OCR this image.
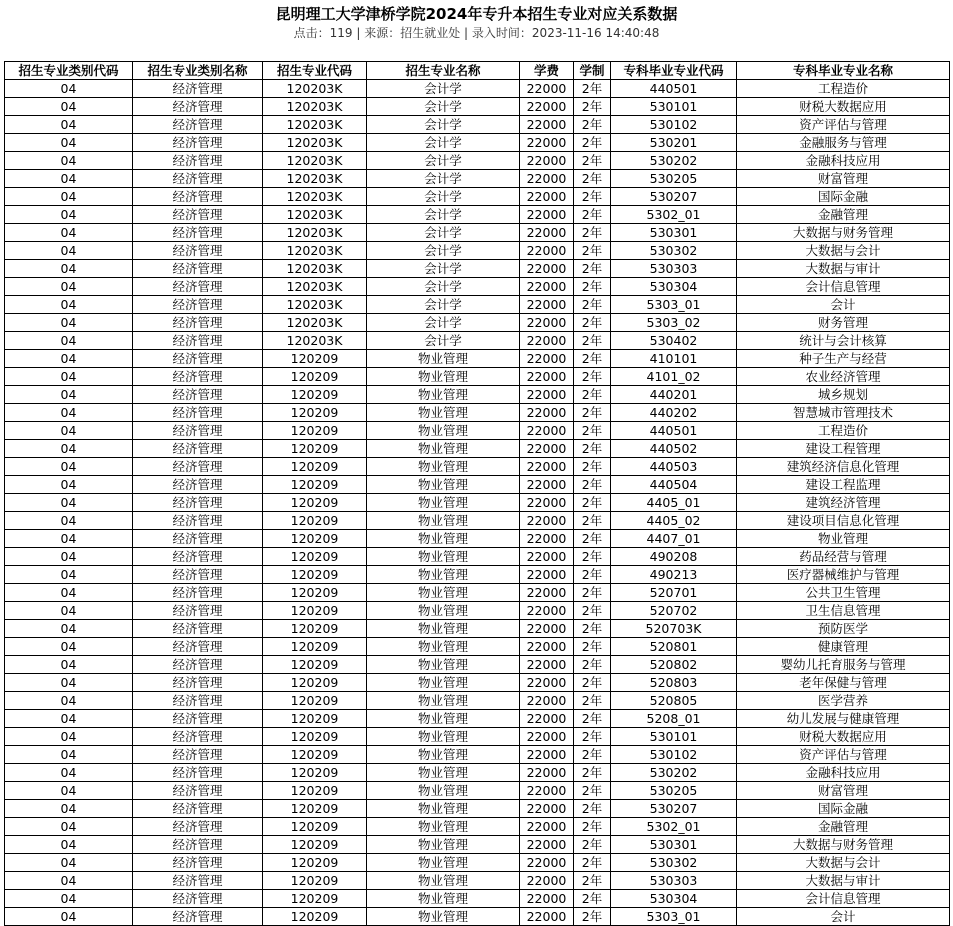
昆明理工大学津桥学院2024年专升本招生专业对应关系数据
点击：119 | 来源：招生就业处 | 录入时间：2023-11-16 14:40:48
招生专业类别代码	招生专业类别名称	招生专业代码	招生专业名称	学费	学制	专科毕业专业代码	专科毕业专业名称
04	经济管理	120203K	会计学	22000	2年	440501	工程造价
04	经济管理	120203K	会计学	22000	2年	530101	财税大数据应用
04	经济管理	120203K	会计学	22000	2年	530102	资产评估与管理
04	经济管理	120203K	会计学	22000	2年	530201	金融服务与管理
04	经济管理	120203K	会计学	22000	2年	530202	金融科技应用
04	经济管理	120203K	会计学	22000	2年	530205	财富管理
04	经济管理	120203K	会计学	22000	2年	530207	国际金融
04	经济管理	120203K	会计学	22000	2年	5302_01	金融管理
04	经济管理	120203K	会计学	22000	2年	530301	大数据与财务管理
04	经济管理	120203K	会计学	22000	2年	530302	大数据与会计
04	经济管理	120203K	会计学	22000	2年	530303	大数据与审计
04	经济管理	120203K	会计学	22000	2年	530304	会计信息管理
04	经济管理	120203K	会计学	22000	2年	5303_01	会计
04	经济管理	120203K	会计学	22000	2年	5303_02	财务管理
04	经济管理	120203K	会计学	22000	2年	530402	统计与会计核算
04	经济管理	120209	物业管理	22000	2年	410101	种子生产与经营
04	经济管理	120209	物业管理	22000	2年	4101_02	农业经济管理
04	经济管理	120209	物业管理	22000	2年	440201	城乡规划
04	经济管理	120209	物业管理	22000	2年	440202	智慧城市管理技术
04	经济管理	120209	物业管理	22000	2年	440501	工程造价
04	经济管理	120209	物业管理	22000	2年	440502	建设工程管理
04	经济管理	120209	物业管理	22000	2年	440503	建筑经济信息化管理
04	经济管理	120209	物业管理	22000	2年	440504	建设工程监理
04	经济管理	120209	物业管理	22000	2年	4405_01	建筑经济管理
04	经济管理	120209	物业管理	22000	2年	4405_02	建设项目信息化管理
04	经济管理	120209	物业管理	22000	2年	4407_01	物业管理
04	经济管理	120209	物业管理	22000	2年	490208	药品经营与管理
04	经济管理	120209	物业管理	22000	2年	490213	医疗器械维护与管理
04	经济管理	120209	物业管理	22000	2年	520701	公共卫生管理
04	经济管理	120209	物业管理	22000	2年	520702	卫生信息管理
04	经济管理	120209	物业管理	22000	2年	520703K	预防医学
04	经济管理	120209	物业管理	22000	2年	520801	健康管理
04	经济管理	120209	物业管理	22000	2年	520802	婴幼儿托育服务与管理
04	经济管理	120209	物业管理	22000	2年	520803	老年保健与管理
04	经济管理	120209	物业管理	22000	2年	520805	医学营养
04	经济管理	120209	物业管理	22000	2年	5208_01	幼儿发展与健康管理
04	经济管理	120209	物业管理	22000	2年	530101	财税大数据应用
04	经济管理	120209	物业管理	22000	2年	530102	资产评估与管理
04	经济管理	120209	物业管理	22000	2年	530202	金融科技应用
04	经济管理	120209	物业管理	22000	2年	530205	财富管理
04	经济管理	120209	物业管理	22000	2年	530207	国际金融
04	经济管理	120209	物业管理	22000	2年	5302_01	金融管理
04	经济管理	120209	物业管理	22000	2年	530301	大数据与财务管理
04	经济管理	120209	物业管理	22000	2年	530302	大数据与会计
04	经济管理	120209	物业管理	22000	2年	530303	大数据与审计
04	经济管理	120209	物业管理	22000	2年	530304	会计信息管理
04	经济管理	120209	物业管理	22000	2年	5303_01	会计
